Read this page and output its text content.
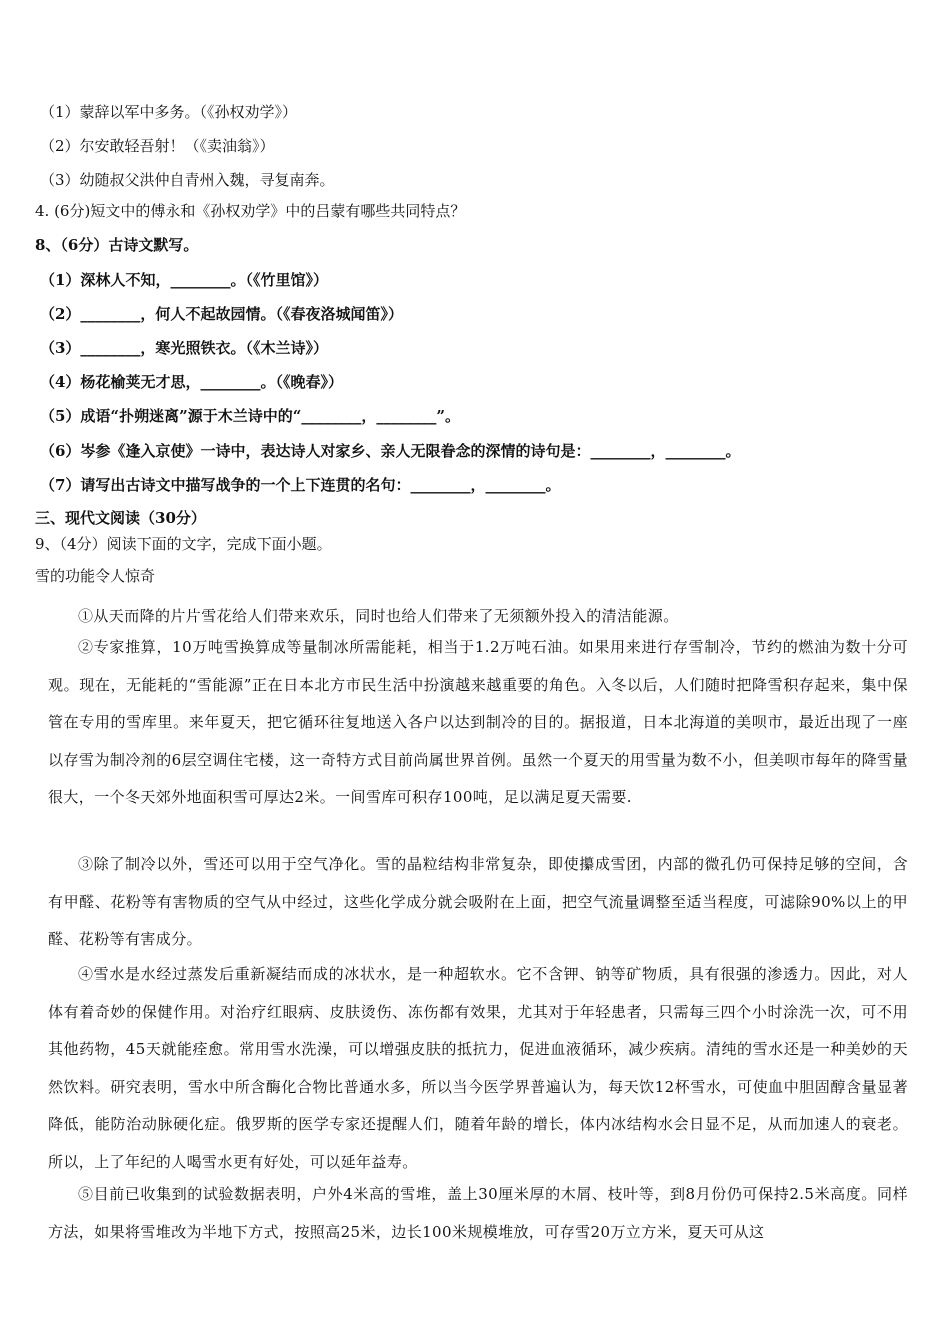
（1）蒙辞以军中多务。（《孙权劝学》）
（2）尔安敢轻吾射！（《卖油翁》）
（3）幼随叔父洪仲自青州入魏，寻复南奔。
4. (6分)短文中的傅永和《孙权劝学》中的吕蒙有哪些共同特点？
8、（6分）古诗文默写。
（1）深林人不知，________。（《竹里馆》）
（2）________，何人不起故园情。（《春夜洛城闻笛》）
（3）________，寒光照铁衣。（《木兰诗》）
（4）杨花榆荚无才思，________。（《晚春》）
（5）成语“扑朔迷离”源于木兰诗中的“________，________”。
（6）岑参《逢入京使》一诗中，表达诗人对家乡、亲人无限眷念的深情的诗句是：________，________。
（7）请写出古诗文中描写战争的一个上下连贯的名句：________，________。
三、现代文阅读（30分）
9、（4分）阅读下面的文字，完成下面小题。
雪的功能令人惊奇
①从天而降的片片雪花给人们带来欢乐，同时也给人们带来了无须额外投入的清洁能源。
②专家推算，10万吨雪换算成等量制冰所需能耗，相当于1.2万吨石油。如果用来进行存雪制冷，节约的燃油为数十分可观。现在，无能耗的“雪能源”正在日本北方市民生活中扮演越来越重要的角色。入冬以后，人们随时把降雪积存起来，集中保管在专用的雪库里。来年夏天，把它循环往复地送入各户以达到制冷的目的。据报道，日本北海道的美呗市，最近出现了一座以存雪为制冷剂的6层空调住宅楼，这一奇特方式目前尚属世界首例。虽然一个夏天的用雪量为数不小，但美呗市每年的降雪量很大，一个冬天郊外地面积雪可厚达2米。一间雪库可积存100吨，足以满足夏天需要.
③除了制冷以外，雪还可以用于空气净化。雪的晶粒结构非常复杂，即使攥成雪团，内部的微孔仍可保持足够的空间，含有甲醛、花粉等有害物质的空气从中经过，这些化学成分就会吸附在上面，把空气流量调整至适当程度，可滤除90%以上的甲醛、花粉等有害成分。
④雪水是水经过蒸发后重新凝结而成的冰状水，是一种超软水。它不含钾、钠等矿物质，具有很强的渗透力。因此，对人体有着奇妙的保健作用。对治疗红眼病、皮肤烫伤、冻伤都有效果，尤其对于年轻患者，只需每三四个小时涂洗一次，可不用其他药物，45天就能痊愈。常用雪水洗澡，可以增强皮肤的抵抗力，促进血液循环，减少疾病。清纯的雪水还是一种美妙的天然饮料。研究表明，雪水中所含酶化合物比普通水多，所以当今医学界普遍认为，每天饮12杯雪水，可使血中胆固醇含量显著降低，能防治动脉硬化症。俄罗斯的医学专家还提醒人们，随着年龄的增长，体内冰结构水会日显不足，从而加速人的衰老。所以，上了年纪的人喝雪水更有好处，可以延年益寿。
⑤目前已收集到的试验数据表明，户外4米高的雪堆，盖上30厘米厚的木屑、枝叶等，到8月份仍可保持2.5米高度。同样方法，如果将雪堆改为半地下方式，按照高25米，边长100米规模堆放，可存雪20万立方米，夏天可从这
